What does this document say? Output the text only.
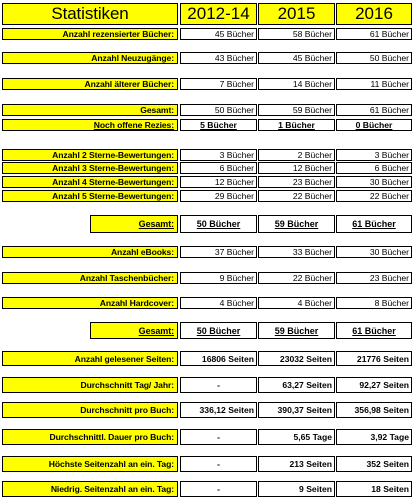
Statistiken	2012-14	2015	2016
Anzahl rezensierter Bücher:	45 Bücher	58 Bücher	61 Bücher
Anzahl Neuzugänge:	43 Bücher	45 Bücher	50 Bücher
Anzahl älterer Bücher:	7 Bücher	14 Bücher	11 Bücher
Gesamt:	50 Bücher	59 Bücher	61 Bücher
Noch offene Rezies:	5 Bücher	1 Bücher	0 Bücher
Anzahl 2 Sterne-Bewertungen:	3 Bücher	2 Bücher	3 Bücher
Anzahl 3 Sterne-Bewertungen:	6 Bücher	12 Bücher	6 Bücher
Anzahl 4 Sterne-Bewertungen:	12 Bücher	23 Bücher	30 Bücher
Anzahl 5 Sterne-Bewertungen:	29 Bücher	22 Bücher	22 Bücher
Gesamt:	50 Bücher	59 Bücher	61 Bücher
Anzahl eBooks:	37 Bücher	33 Bücher	30 Bücher
Anzahl Taschenbücher:	9 Bücher	22 Bücher	23 Bücher
Anzahl Hardcover:	4 Bücher	4 Bücher	8 Bücher
Gesamt:	50 Bücher	59 Bücher	61 Bücher
Anzahl gelesener Seiten:	16806 Seiten	23032 Seiten	21776 Seiten
Durchschnitt Tag/ Jahr:	-	63,27 Seiten	92,27 Seiten
Durchschnitt pro Buch:	336,12 Seiten	390,37 Seiten	356,98 Seiten
Durchschnittl. Dauer pro Buch:	-	5,65 Tage	3,92 Tage
Höchste Seitenzahl an ein. Tag:	-	213 Seiten	352 Seiten
Niedrig. Seitenzahl an ein. Tag:	-	9 Seiten	18 Seiten
